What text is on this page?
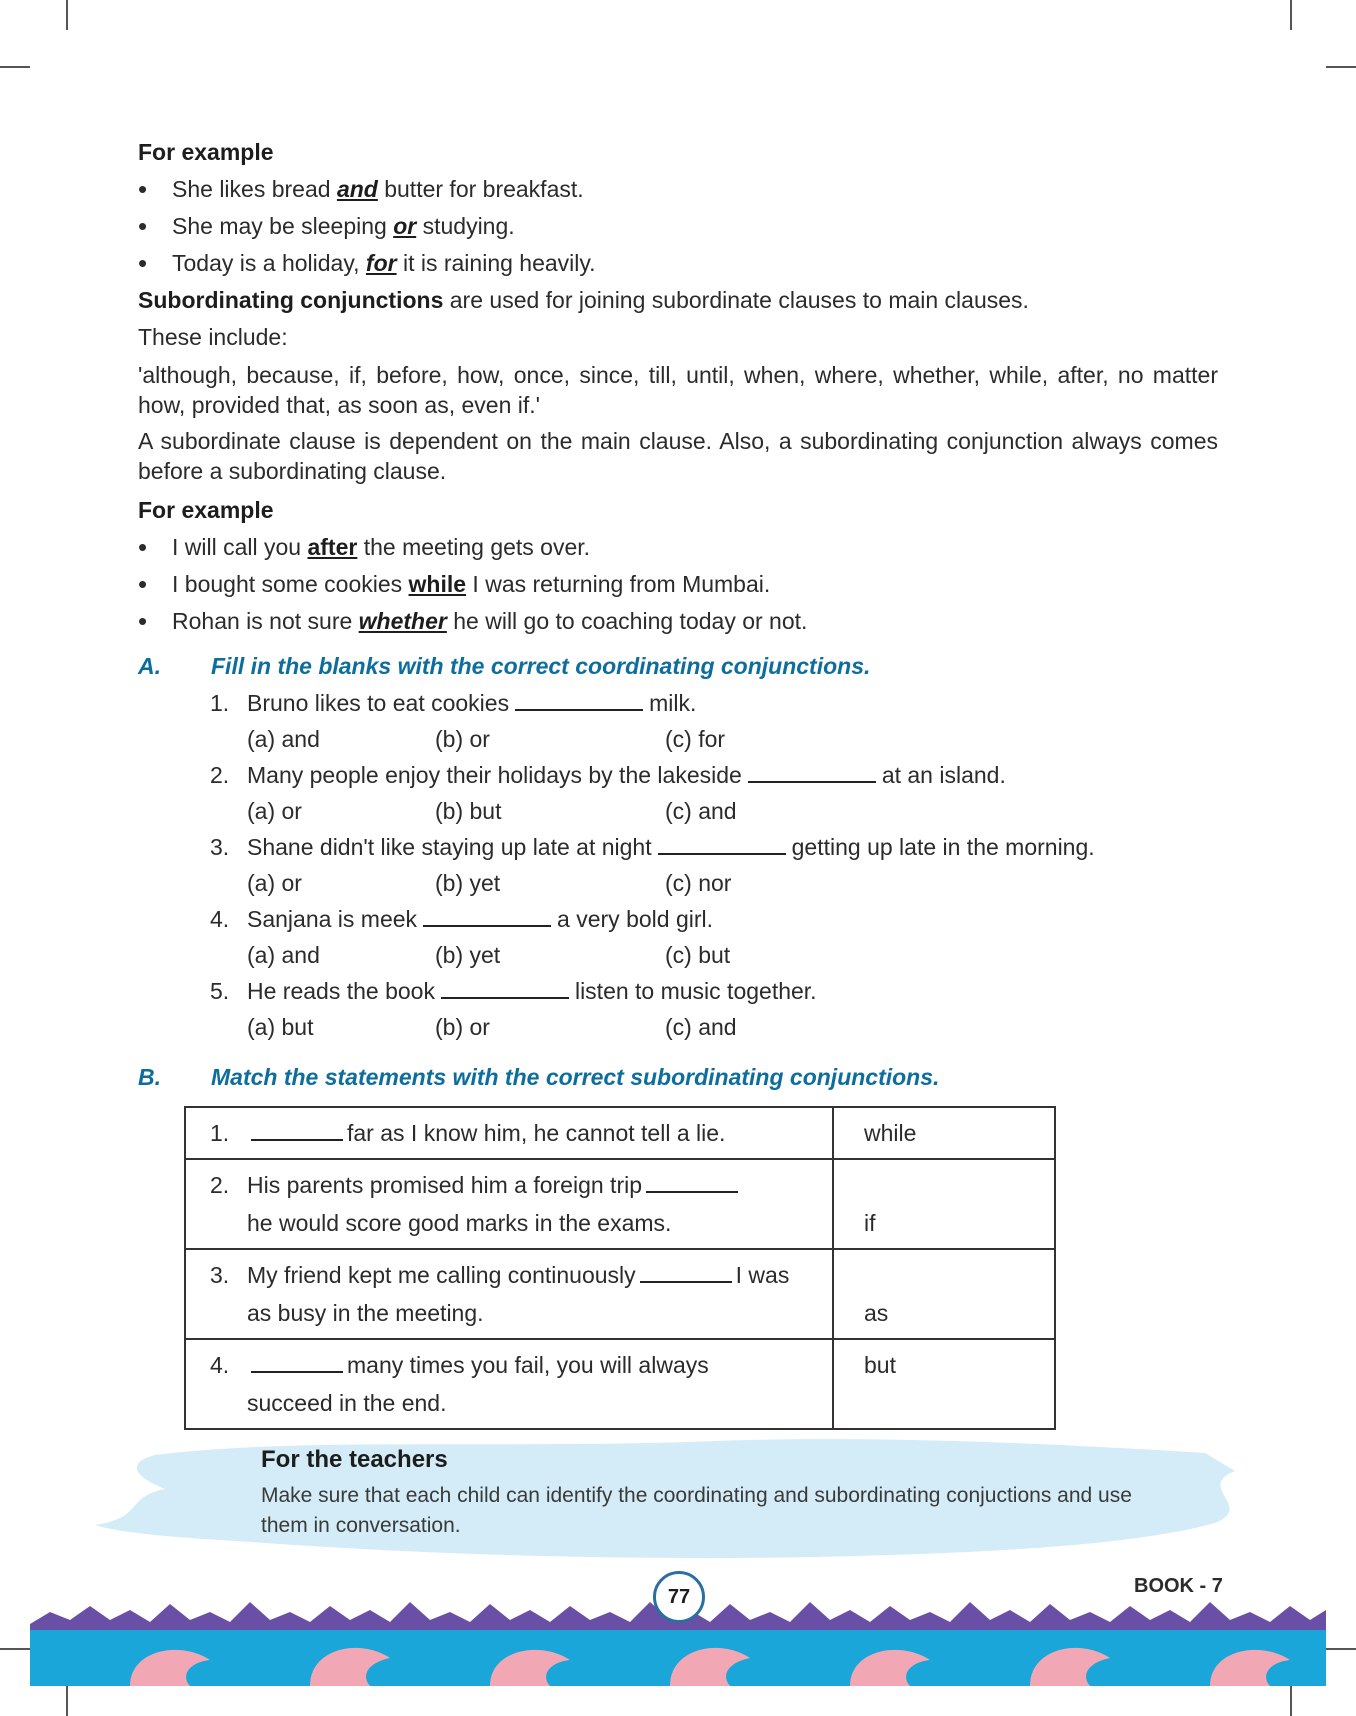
For example
• She likes bread and butter for breakfast.
• She may be sleeping or studying.
• Today is a holiday, for it is raining heavily.

Subordinating conjunctions are used for joining subordinate clauses to main clauses.

These include:

'although, because, if, before, how, once, since, till, until, when, where, whether, while, after, no matter how, provided that, as soon as, even if.'

A subordinate clause is dependent on the main clause. Also, a subordinating conjunction always comes before a subordinating clause.

For example
• I will call you after the meeting gets over.
• I bought some cookies while I was returning from Mumbai.
• Rohan is not sure whether he will go to coaching today or not.
A. Fill in the blanks with the correct coordinating conjunctions.
1. Bruno likes to eat cookies	milk.
(a) and	(b) or	(c) for
2. Many people enjoy their holidays by the lakeside	at an island.
(a) or	(b) but	(c) and
3. Shane didn't like staying up late at night	getting up late in the morning.
(a) or	(b) yet	(c) nor
4. Sanjana is meek	a very bold girl.
(a) and	(b) yet	(c) but
5. He reads the book	listen to music together.
(a) but	(b) or	(c) and
B. Match the statements with the correct subordinating conjunctions.
1. far as I know him, he cannot tell a lie.	while
2. His parents promised him a foreign trip
he would score good marks in the exams.	if
3. My friend kept me calling continuously I was
as busy in the meeting.	as
4. many times you fail, you will always
succeed in the end.	but
For the teachers
Make sure that each child can identify the coordinating and subordinating conjuctions and use them in conversation.
77	BOOK - 7
